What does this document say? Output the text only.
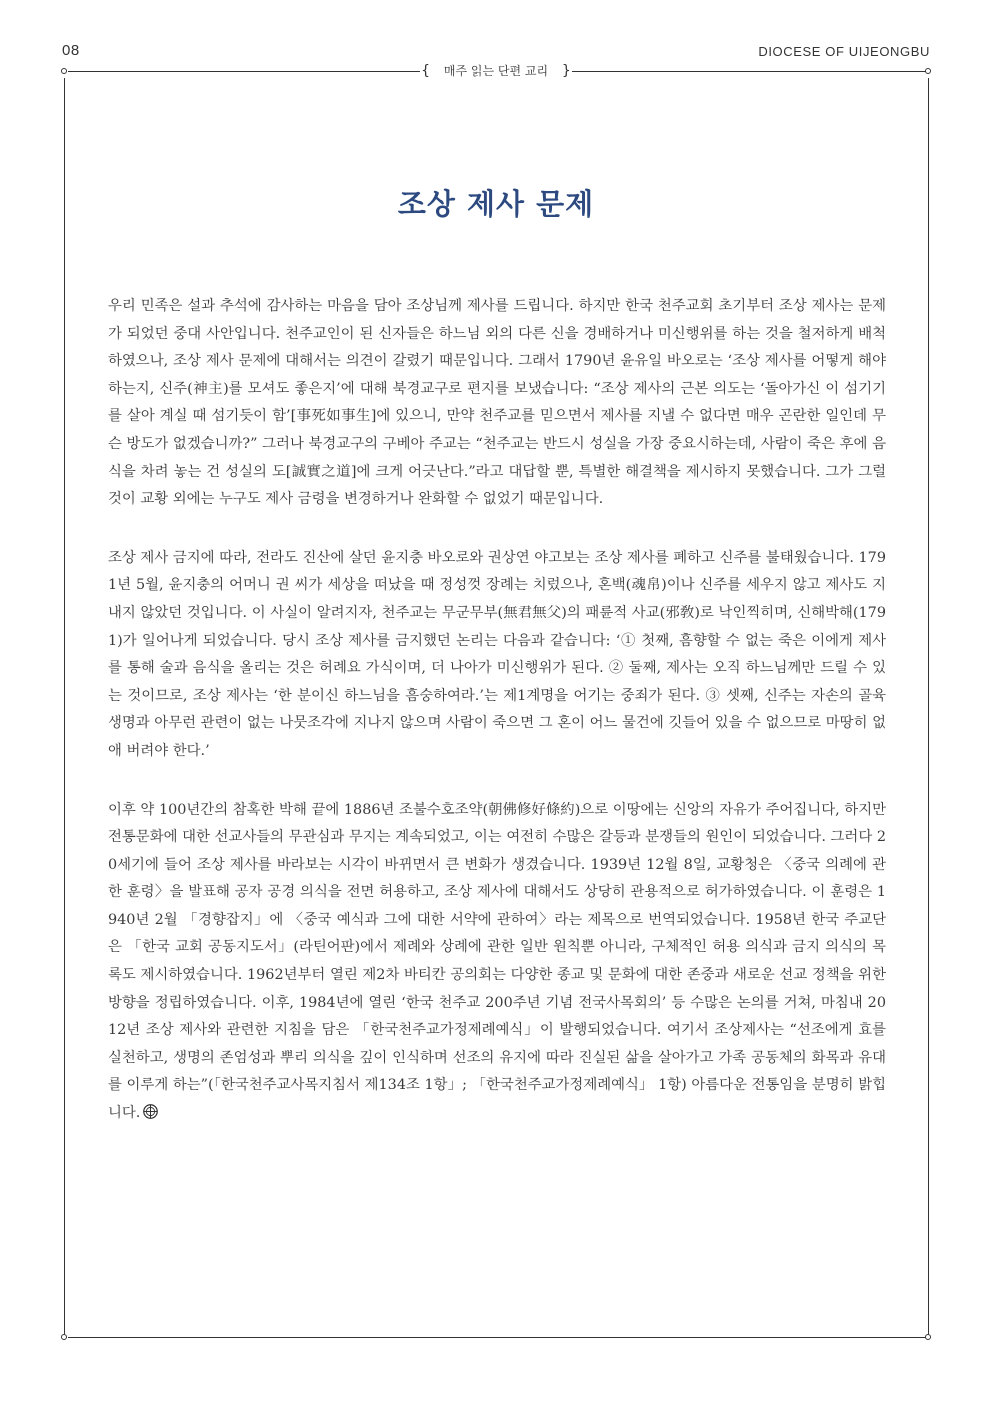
08	DIOCESE OF UIJEONGBU
{ 매주 읽는 단편 교리 }
조상 제사 문제

우리 민족은 설과 추석에 감사하는 마음을 담아 조상님께 제사를 드립니다. 하지만 한국 천주교회 초기부터 조상 제사는 문제가 되었던 중대 사안입니다. 천주교인이 된 신자들은 하느님 외의 다른 신을 경배하거나 미신행위를 하는 것을 철저하게 배척하였으나, 조상 제사 문제에 대해서는 의견이 갈렸기 때문입니다. 그래서 1790년 윤유일 바오로는 ‘조상 제사를 어떻게 해야 하는지, 신주(神主)를 모셔도 좋은지’에 대해 북경교구로 편지를 보냈습니다: “조상 제사의 근본 의도는 ‘돌아가신 이 섬기기를 살아 계실 때 섬기듯이 함’[事死如事生]에 있으니, 만약 천주교를 믿으면서 제사를 지낼 수 없다면 매우 곤란한 일인데 무슨 방도가 없겠습니까?” 그러나 북경교구의 구베아 주교는 “천주교는 반드시 성실을 가장 중요시하는데, 사람이 죽은 후에 음식을 차려 놓는 건 성실의 도[誠實之道]에 크게 어긋난다.”라고 대답할 뿐, 특별한 해결책을 제시하지 못했습니다. 그가 그럴 것이 교황 외에는 누구도 제사 금령을 변경하거나 완화할 수 없었기 때문입니다.

조상 제사 금지에 따라, 전라도 진산에 살던 윤지충 바오로와 권상연 야고보는 조상 제사를 폐하고 신주를 불태웠습니다. 1791년 5월, 윤지충의 어머니 권 씨가 세상을 떠났을 때 정성껏 장례는 치렀으나, 혼백(魂帛)이나 신주를 세우지 않고 제사도 지내지 않았던 것입니다. 이 사실이 알려지자, 천주교는 무군무부(無君無父)의 패륜적 사교(邪敎)로 낙인찍히며, 신해박해(1791)가 일어나게 되었습니다. 당시 조상 제사를 금지했던 논리는 다음과 같습니다: ‘① 첫째, 흠향할 수 없는 죽은 이에게 제사를 통해 술과 음식을 올리는 것은 허례요 가식이며, 더 나아가 미신행위가 된다. ② 둘째, 제사는 오직 하느님께만 드릴 수 있는 것이므로, 조상 제사는 ‘한 분이신 하느님을 흠숭하여라.’는 제1계명을 어기는 중죄가 된다. ③ 셋째, 신주는 자손의 골육 생명과 아무런 관련이 없는 나뭇조각에 지나지 않으며 사람이 죽으면 그 혼이 어느 물건에 깃들어 있을 수 없으므로 마땅히 없애 버려야 한다.’

이후 약 100년간의 참혹한 박해 끝에 1886년 조불수호조약(朝佛修好條約)으로 이땅에는 신앙의 자유가 주어집니다, 하지만 전통문화에 대한 선교사들의 무관심과 무지는 계속되었고, 이는 여전히 수많은 갈등과 분쟁들의 원인이 되었습니다. 그러다 20세기에 들어 조상 제사를 바라보는 시각이 바뀌면서 큰 변화가 생겼습니다. 1939년 12월 8일, 교황청은 〈중국 의례에 관한 훈령〉을 발표해 공자 공경 의식을 전면 허용하고, 조상 제사에 대해서도 상당히 관용적으로 허가하였습니다. 이 훈령은 1940년 2월 「경향잡지」에 〈중국 예식과 그에 대한 서약에 관하여〉라는 제목으로 번역되었습니다. 1958년 한국 주교단은 「한국 교회 공동지도서」(라틴어판)에서 제례와 상례에 관한 일반 원칙뿐 아니라, 구체적인 허용 의식과 금지 의식의 목록도 제시하였습니다. 1962년부터 열린 제2차 바티칸 공의회는 다양한 종교 및 문화에 대한 존중과 새로운 선교 정책을 위한 방향을 정립하였습니다. 이후, 1984년에 열린 ‘한국 천주교 200주년 기념 전국사목회의’ 등 수많은 논의를 거쳐, 마침내 2012년 조상 제사와 관련한 지침을 담은 「한국천주교가정제례예식」이 발행되었습니다. 여기서 조상제사는 “선조에게 효를 실천하고, 생명의 존엄성과 뿌리 의식을 깊이 인식하며 선조의 유지에 따라 진실된 삶을 살아가고 가족 공동체의 화목과 유대를 이루게 하는”(「한국천주교사목지침서 제134조 1항」; 「한국천주교가정제례예식」 1항) 아름다운 전통임을 분명히 밝힙니다.
